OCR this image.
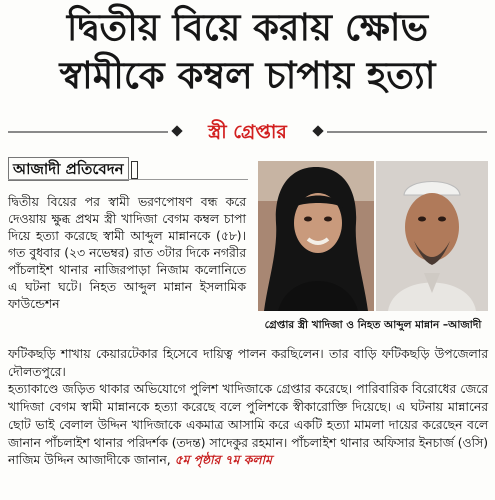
দ্বিতীয় বিয়ে করায় ক্ষোভ
স্বামীকে কম্বল চাপায় হত্যা
স্ত্রী গ্রেপ্তার
আজাদী প্রতিবেদন

দ্বিতীয় বিয়ের পর স্বামী ভরণপোষণ বন্ধ করে দেওয়ায় ক্ষুব্ধ প্রথম স্ত্রী খাদিজা বেগম কম্বল চাপা দিয়ে হত্যা করেছে স্বামী আব্দুল মান্নানকে (৫৮)। গত বুধবার (২৩ নভেম্বর) রাত ৩টার দিকে নগরীর পাঁচলাইশ থানার নাজিরপাড়া নিজাম কলোনিতে এ ঘটনা ঘটে। নিহত আব্দুল মান্নান ইসলামিক ফাউন্ডেশন

গ্রেপ্তার স্ত্রী খাদিজা ও নিহত আব্দুল মান্নান –আজাদী

ফটিকছড়ি শাখায় কেয়ারটেকার হিসেবে দায়িত্ব পালন করছিলেন। তার বাড়ি ফটিকছড়ি উপজেলার দৌলতপুরে।

হত্যাকাণ্ডে জড়িত থাকার অভিযোগে পুলিশ খাদিজাকে গ্রেপ্তার করেছে। পারিবারিক বিরোধের জেরে খাদিজা বেগম স্বামী মান্নানকে হত্যা করেছে বলে পুলিশকে স্বীকারোক্তি দিয়েছে। এ ঘটনায় মান্নানের ছোট ভাই বেলাল উদ্দিন খাদিজাকে একমাত্র আসামি করে একটি হত্যা মামলা দায়ের করেছেন বলে জানান পাঁচলাইশ থানার পরিদর্শক (তদন্ত) সাদেকুর রহমান। পাঁচলাইশ থানার অফিসার ইনচার্জ (ওসি) নাজিম উদ্দিন আজাদীকে জানান, ৫ম পৃষ্ঠার ৭ম কলাম
